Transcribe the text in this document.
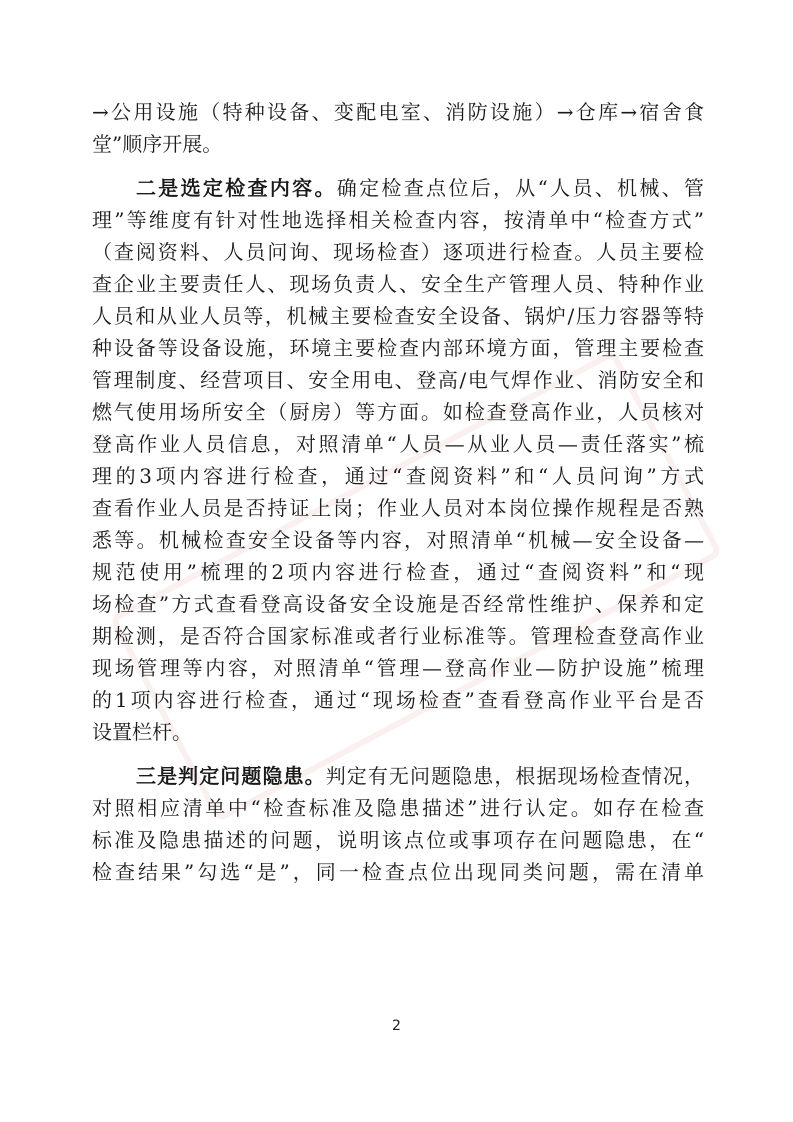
→公用设施（特种设备、变配电室、消防设施）→仓库→宿舍食
堂”顺序开展。
二是选定检查内容。确定检查点位后，从“人员、机械、管
理”等维度有针对性地选择相关检查内容，按清单中“检查方式”
（查阅资料、人员问询、现场检查）逐项进行检查。人员主要检
查企业主要责任人、现场负责人、安全生产管理人员、特种作业
人员和从业人员等，机械主要检查安全设备、锅炉/压力容器等特
种设备等设备设施，环境主要检查内部环境方面，管理主要检查
管理制度、经营项目、安全用电、登高/电气焊作业、消防安全和
燃气使用场所安全（厨房）等方面。如检查登高作业，人员核对
登高作业人员信息，对照清单“人员—从业人员—责任落实”梳
理的3项内容进行检查，通过“查阅资料”和“人员问询”方式
查看作业人员是否持证上岗；作业人员对本岗位操作规程是否熟
悉等。机械检查安全设备等内容，对照清单“机械—安全设备—
规范使用”梳理的2项内容进行检查，通过“查阅资料”和“现
场检查”方式查看登高设备安全设施是否经常性维护、保养和定
期检测，是否符合国家标准或者行业标准等。管理检查登高作业
现场管理等内容，对照清单“管理—登高作业—防护设施”梳理
的1项内容进行检查，通过“现场检查”查看登高作业平台是否
设置栏杆。
三是判定问题隐患。判定有无问题隐患，根据现场检查情况，
对照相应清单中“检查标准及隐患描述”进行认定。如存在检查
标准及隐患描述的问题，说明该点位或事项存在问题隐患，在“
检查结果”勾选“是”，同一检查点位出现同类问题，需在清单
2
